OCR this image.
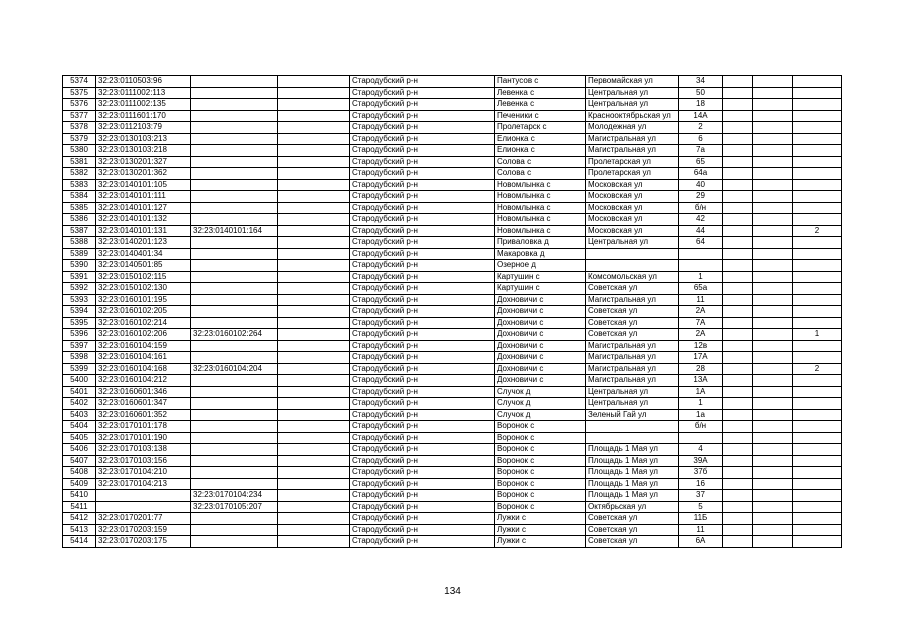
5374	32:23:0110503:96			Стародубский р-н	Пантусов с	Первомайская ул	34			
5375	32:23:0111002:113			Стародубский р-н	Левенка с	Центральная ул	50			
5376	32:23:0111002:135			Стародубский р-н	Левенка с	Центральная ул	18			
5377	32:23:0111601:170			Стародубский р-н	Печеники с	Краснооктябрьская ул	14А			
5378	32:23:0112103:79			Стародубский р-н	Пролетарск с	Молодежная ул	2			
5379	32:23:0130103:213			Стародубский р-н	Елионка с	Магистральная ул	6			
5380	32:23:0130103:218			Стародубский р-н	Елионка с	Магистральная ул	7а			
5381	32:23:0130201:327			Стародубский р-н	Солова с	Пролетарская ул	65			
5382	32:23:0130201:362			Стародубский р-н	Солова с	Пролетарская ул	64а			
5383	32:23:0140101:105			Стародубский р-н	Новомлынка с	Московская ул	40			
5384	32:23:0140101:111			Стародубский р-н	Новомлынка с	Московская ул	29			
5385	32:23:0140101:127			Стародубский р-н	Новомлынка с	Московская ул	б/н			
5386	32:23:0140101:132			Стародубский р-н	Новомлынка с	Московская ул	42			
5387	32:23:0140101:131	32:23:0140101:164		Стародубский р-н	Новомлынка с	Московская ул	44			2
5388	32:23:0140201:123			Стародубский р-н	Приваловка д	Центральная ул	64			
5389	32:23:0140401:34			Стародубский р-н	Макаровка д					
5390	32:23:0140501:85			Стародубский р-н	Озерное д					
5391	32:23:0150102:115			Стародубский р-н	Картушин с	Комсомольская ул	1			
5392	32:23:0150102:130			Стародубский р-н	Картушин с	Советская ул	65а			
5393	32:23:0160101:195			Стародубский р-н	Дохновичи с	Магистральная ул	11			
5394	32:23:0160102:205			Стародубский р-н	Дохновичи с	Советская ул	2А			
5395	32:23:0160102:214			Стародубский р-н	Дохновичи с	Советская ул	7А			
5396	32:23:0160102:206	32:23:0160102:264		Стародубский р-н	Дохновичи с	Советская ул	2А			1
5397	32:23:0160104:159			Стародубский р-н	Дохновичи с	Магистральная ул	12в			
5398	32:23:0160104:161			Стародубский р-н	Дохновичи с	Магистральная ул	17А			
5399	32:23:0160104:168	32:23:0160104:204		Стародубский р-н	Дохновичи с	Магистральная ул	28			2
5400	32:23:0160104:212			Стародубский р-н	Дохновичи с	Магистральная ул	13А			
5401	32:23:0160601:346			Стародубский р-н	Случок д	Центральная ул	1А			
5402	32:23:0160601:347			Стародубский р-н	Случок д	Центральная ул	1			
5403	32:23:0160601:352			Стародубский р-н	Случок д	Зеленый Гай ул	1а			
5404	32:23:0170101:178			Стародубский р-н	Воронок с		б/н			
5405	32:23:0170101:190			Стародубский р-н	Воронок с					
5406	32:23:0170103:138			Стародубский р-н	Воронок с	Площадь 1 Мая ул	4			
5407	32:23:0170103:156			Стародубский р-н	Воронок с	Площадь 1 Мая ул	39А			
5408	32:23:0170104:210			Стародубский р-н	Воронок с	Площадь 1 Мая ул	37б			
5409	32:23:0170104:213			Стародубский р-н	Воронок с	Площадь 1 Мая ул	16			
5410		32:23:0170104:234		Стародубский р-н	Воронок с	Площадь 1 Мая ул	37			
5411		32:23:0170105:207		Стародубский р-н	Воронок с	Октябрьская ул	5			
5412	32:23:0170201:77			Стародубский р-н	Лужки с	Советская ул	11Б			
5413	32:23:0170203:159			Стародубский р-н	Лужки с	Советская ул	11			
5414	32:23:0170203:175			Стародубский р-н	Лужки с	Советская ул	6А			
134
